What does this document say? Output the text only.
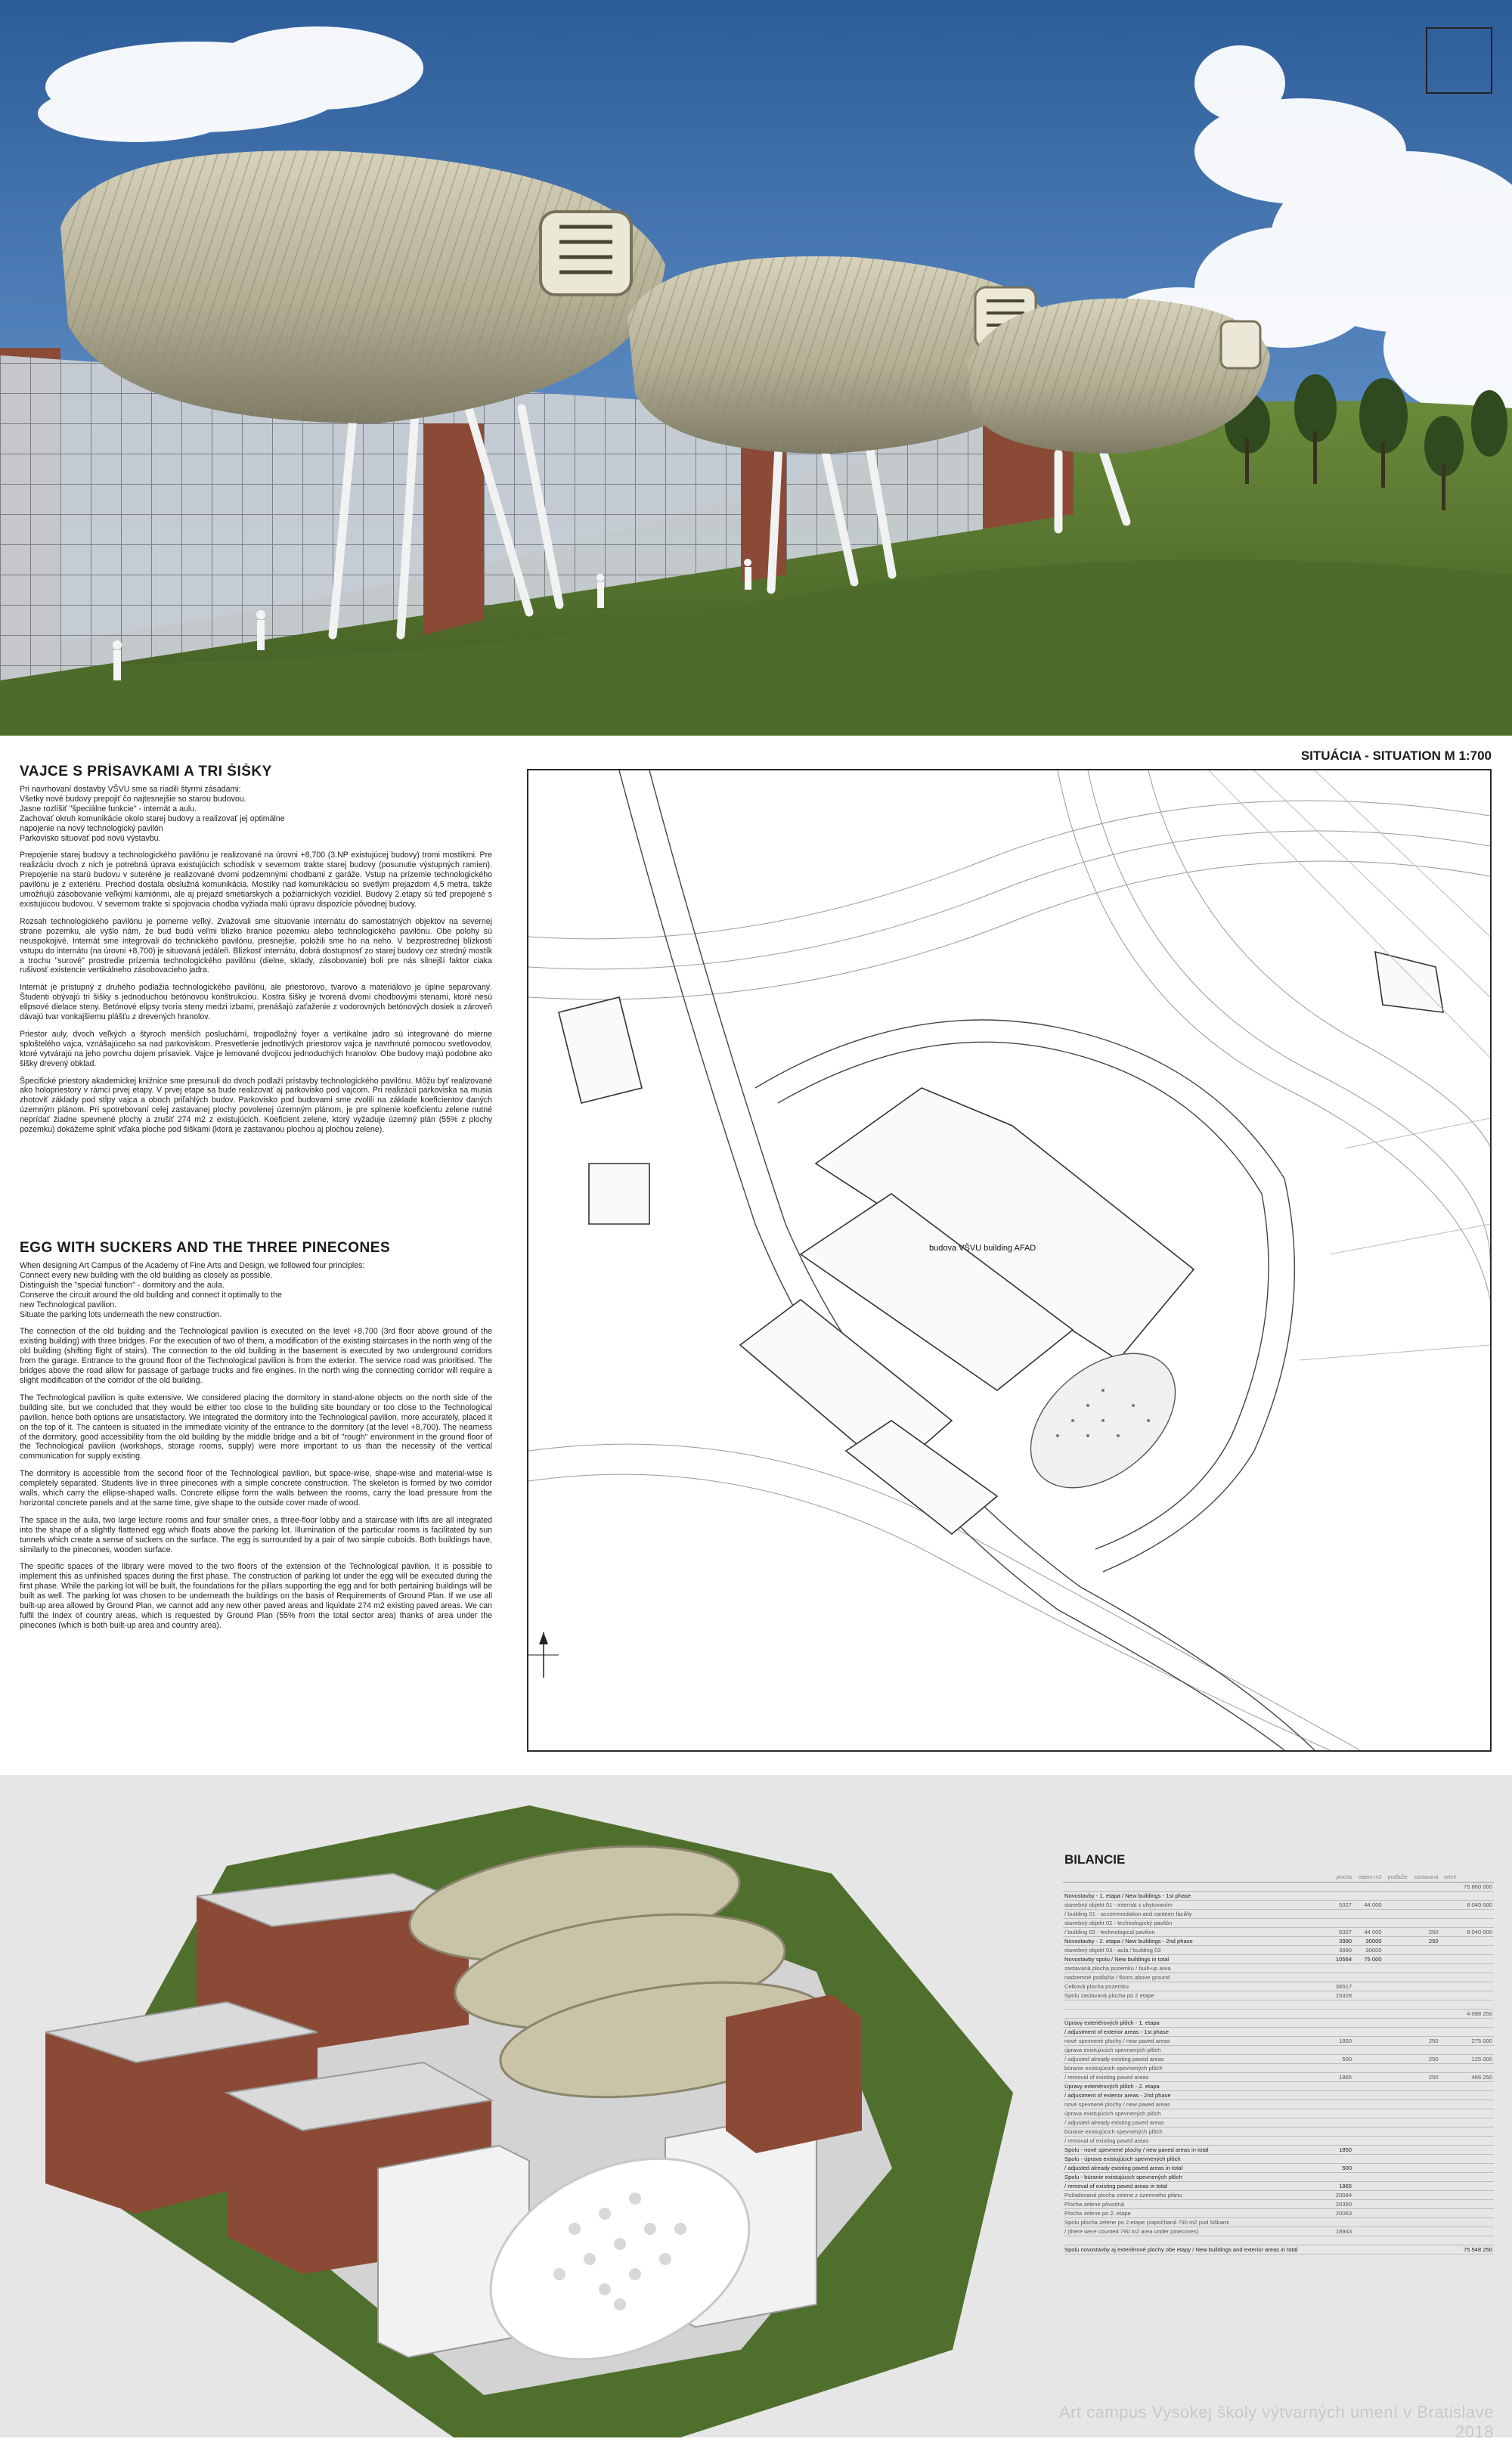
VAJCE S PRÍSAVKAMI A TRI ŠIŠKY
Pri navrhovaní dostavby VŠVU sme sa riadili štyrmi zásadami:
Všetky nové budovy prepojiť čo najtesnejšie so starou budovou.
Jasne rozlíšiť "špeciálne funkcie" - internát a aulu.
Zachovať okruh komunikácie okolo starej budovy a realizovať jej optimálne
napojenie na nový technologický pavilón
Parkovisko situovať pod novú výstavbu.

Prepojenie starej budovy a technologického pavilónu je realizované na úrovni +8,700 (3.NP existujúcej budovy) tromi mostíkmi. Pre realizáciu dvoch z nich je potrebná úprava existujúcich schodísk v severnom trakte starej budovy (posunutie výstupných ramien). Prepojenie na starú budovu v suteréne je realizované dvomi podzemnými chodbami z garáže. Vstup na prízemie technologického pavilónu je z exteriéru. Prechod dostala obslužná komunikácia. Mostíky nad komunikáciou so svetlým prejazdom 4,5 metra, takže umožňujú zásobovanie veľkými kamiónmi, ale aj prejazd smetiarskych a požiarnických vozidiel. Budovy 2.etapy sú teď prepojené s existujúcou budovou. V severnom trakte si spojovacia chodba vyžiada malú úpravu dispozície pôvodnej budovy.

Rozsah technologického pavilónu je pomerne veľký. Zvažovali sme situovanie internátu do samostatných objektov na severnej strane pozemku, ale vyšlo nám, že bud budú veľmi blízko hranice pozemku alebo technologického pavilónu. Obe polohy sú neuspokojivé. Internát sme integrovali do technického pavilónu, presnejšie, položili sme ho na neho. V bezprostrednej blízkosti vstupu do internátu (na úrovni +8,700) je situovaná jedáleň. Blízkosť internátu, dobrá dostupnosť zo starej budovy cez stredný mostík a trochu "surové" prostredie prízemia technologického pavilónu (dielne, sklady, zásobovanie) boli pre nás silnejší faktor ciaka rušivosť existencie vertikálneho zásobovacieho jadra.

Internát je prístupný z druhého podlažia technologického pavilónu, ale priestorovo, tvarovo a materiálovo je úplne separovaný. Študenti obývajú tri šišky s jednoduchou betónovou konštrukciou. Kostra šišky je tvorená dvomi chodbovými stenami, ktoré nesú elipsové dielace steny. Betónové elipsy tvoria steny medzi izbami, prenášajú zaťaženie z vodorovných betónových dosiek a zároveň dávajú tvar vonkajšiemu plášťu z drevených hranolov.

Priestor auly, dvoch veľkých a štyroch menších posluchární, trojpodlažný foyer a vertikálne jadro sú integrované do mierne sploštelého vajca, vznášajúceho sa nad parkoviskom. Presvetlenie jednotlivých priestorov vajca je navrhnuté pomocou svetlovodov, ktoré vytvárajú na jeho povrchu dojem prísaviek. Vajce je lemované dvojicou jednoduchých hranolov. Obe budovy majú podobne ako šišky drevený obklad.

Špecifické priestory akademickej knižnice sme presunuli do dvoch podlaží prístavby technologického pavilónu. Môžu byť realizované ako holopriestory v rámci prvej etapy. V prvej etape sa bude realizovať aj parkovisko pod vajcom. Pri realizácii parkoviska sa musia zhotoviť základy pod stĺpy vajca a oboch priľahlých budov. Parkovisko pod budovami sme zvolili na základe koeficientov daných územným plánom. Pri spotrebovaní celej zastavanej plochy povolenej územným plánom, je pre splnenie koeficientu zelene nutné neprídať žiadne spevnené plochy a zrušiť 274 m2 z existujúcich. Koeficient zelene, ktorý vyžaduje územný plán (55% z plochy pozemku) dokážeme splniť vďaka ploche pod šiškami (ktorá je zastavanou plochou aj plochou zelene).

EGG WITH SUCKERS AND THE THREE PINECONES
When designing Art Campus of the Academy of Fine Arts and Design, we followed four principles:
Connect every new building with the old building as closely as possible.
Distinguish the "special function" - dormitory and the aula.
Conserve the circuit around the old building and connect it optimally to the
new Technological pavilion.
Situate the parking lots underneath the new construction.

The connection of the old building and the Technological pavilion is executed on the level +8,700 (3rd floor above ground of the existing building) with three bridges. For the execution of two of them, a modification of the existing staircases in the north wing of the old building (shifting flight of stairs). The connection to the old building in the basement is executed by two underground corridors from the garage. Entrance to the ground floor of the Technological pavilion is from the exterior. The service road was prioritised. The bridges above the road allow for passage of garbage trucks and fire engines. In the north wing the connecting corridor will require a slight modification of the corridor of the old building.

The Technological pavilion is quite extensive. We considered placing the dormitory in stand-alone objects on the north side of the building site, but we concluded that they would be either too close to the building site boundary or too close to the Technological pavilion, hence both options are unsatisfactory. We integrated the dormitory into the Technological pavilion, more accurately, placed it on the top of it. The canteen is situated in the immediate vicinity of the entrance to the dormitory (at the level +8,700). The nearness of the dormitory, good accessibility from the old building by the middle bridge and a bit of "rough" environment in the ground floor of the Technological pavilion (workshops, storage rooms, supply) were more important to us than the necessity of the vertical communication for supply existing.

The dormitory is accessible from the second floor of the Technological pavilion, but space-wise, shape-wise and material-wise is completely separated. Students live in three pinecones with a simple concrete construction. The skeleton is formed by two corridor walls, which carry the ellipse-shaped walls. Concrete ellipse form the walls between the rooms, carry the load pressure from the horizontal concrete panels and at the same time, give shape to the outside cover made of wood.

The space in the aula, two large lecture rooms and four smaller ones, a three-floor lobby and a staircase with lifts are all integrated into the shape of a slightly flattened egg which floats above the parking lot. Illumination of the particular rooms is facilitated by sun tunnels which create a sense of suckers on the surface. The egg is surrounded by a pair of two simple cuboids. Both buildings have, similarly to the pinecones, wooden surface.

The specific spaces of the library were moved to the two floors of the extension of the Technological pavilion. It is possible to implement this as unfinished spaces during the first phase. The construction of parking lot under the egg will be executed during the first phase. While the parking lot will be built, the foundations for the pillars supporting the egg and for both pertaining buildings will be built as well. The parking lot was chosen to be underneath the buildings on the basis of Requirements of Ground Plan. If we use all built-up area allowed by Ground Plan, we cannot add any new other paved areas and liquidate 274 m2 existing paved areas. We can fulfil the Index of country areas, which is requested by Ground Plan (55% from the total sector area) thanks of area under the pinecones (which is both built-up area and country area).

SITUÁCIA - SITUATION M 1:700
budova VŠVU building AFAD
BILANCIE
	plocha	objem m3	podlažie	zastavaná	zeleň	
						75 860 000
Novostavby - 1. etapa / New buildings - 1st phase						
stavebný objekt 01 - internát s ubytovaním	5327	44 000				8 040 000
/ building 01 - accommodation and canteen facility						
stavebný objekt 02 - technologický pavilón						
/ building 02 - technological pavilion	5327	44 000		250		8 040 000
Novostavby - 2. etapa / New buildings - 2nd phase	3990	30000		250		
stavebný objekt 03 - aula / building 03	3990	30000				
Novostavby spolu / New buildings in total	10564	75 000				
zastavaná plocha pozemku / built-up area						
nadzemné podlažia / floors above ground						
Celková plocha pozemku	36517					
Spolu zastavaná plocha po 2 etape	15328					

						4 088 250
Úpravy exteriérových plôch - 1. etapa						
/ adjustment of exterior areas - 1st phase						
nové spevnené plochy / new paved areas	1850			250		275 000
úprava existujúcich spevnených plôch						
/ adjusted already existing paved areas	500			250		125 000
búranie existujúcich spevnených plôch						
/ removal of existing paved areas	1865			250		466 250
Úpravy exteriérových plôch - 2. etapa						
/ adjustment of exterior areas - 2nd phase						
nové spevnené plochy / new paved areas						
úprava existujúcich spevnených plôch						
/ adjusted already existing paved areas						
búranie existujúcich spevnených plôch						
/ removal of existing paved areas						
Spolu - nové spevnené plochy / new paved areas in total	1850					
Spolu - úprava existujúcich spevnených plôch						
/ adjusted already existing paved areas in total	500					
Spolu - búranie existujúcich spevnených plôch						
/ removal of existing paved areas in total	1865					
Požadovaná plocha zelene z územného plánu	20084					
Plocha zelene pôvodná	20350					
Plocha zelene po 2. etape	20063					
Spolu plocha zelene po 2.etape (započítaná 790 m2 pod šiškami						
/ (there were counted 790 m2 area under pinecones)	18943					

Spolu novostavby aj exteriérové plochy obe etapy / New buildings and exterior areas in total						75 548 250
Art campus Vysokej školy výtvarných umení v Bratislave 2018
